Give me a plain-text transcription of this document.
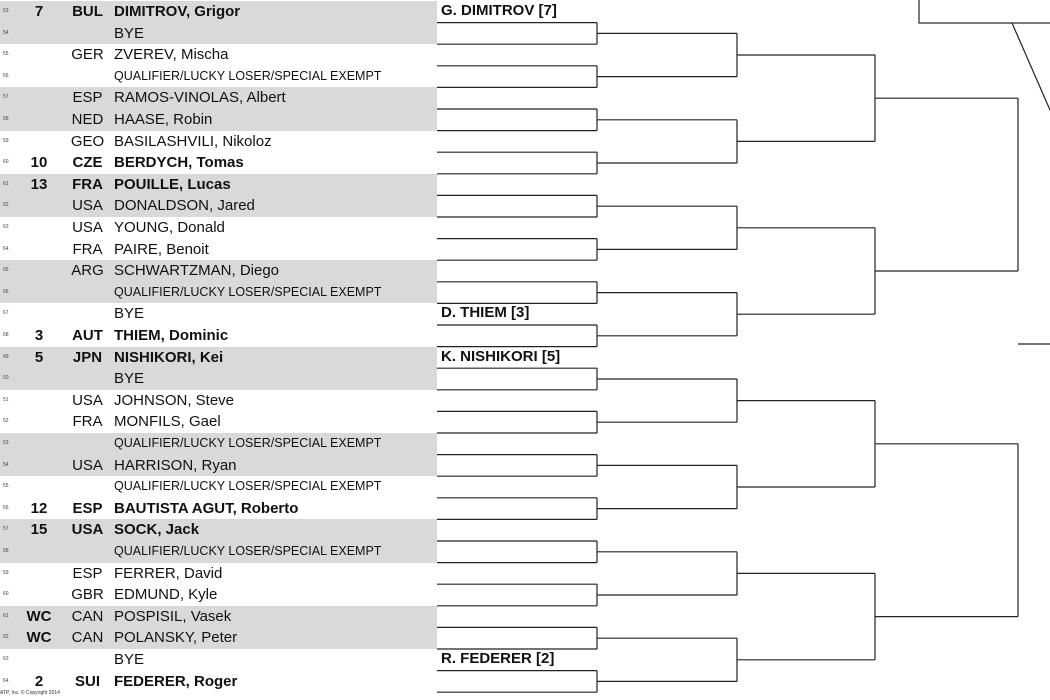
53	7	BUL DIMITROV, Grigor
54	BYE
55	GER ZVEREV, Mischa
56	QUALIFIER/LUCKY LOSER/SPECIAL EXEMPT
57	ESP RAMOS-VINOLAS, Albert
58	NED HAASE, Robin
59	GEO BASILASHVILI, Nikoloz
60	10	CZE BERDYCH, Tomas
61	13	FRA POUILLE, Lucas
62	USA DONALDSON, Jared
63	USA YOUNG, Donald
64	FRA PAIRE, Benoit
65	ARG SCHWARTZMAN, Diego
66	QUALIFIER/LUCKY LOSER/SPECIAL EXEMPT
67	BYE
68	3	AUT THIEM, Dominic
49	5	JPN NISHIKORI, Kei
50	BYE
51	USA JOHNSON, Steve
52	FRA MONFILS, Gael
53	QUALIFIER/LUCKY LOSER/SPECIAL EXEMPT
54	USA HARRISON, Ryan
55	QUALIFIER/LUCKY LOSER/SPECIAL EXEMPT
56	12	ESP BAUTISTA AGUT, Roberto
57	15	USA SOCK, Jack
58	QUALIFIER/LUCKY LOSER/SPECIAL EXEMPT
59	ESP FERRER, David
60	GBR EDMUND, Kyle
61	WC	CAN POSPISIL, Vasek
62	WC	CAN POLANSKY, Peter
63	BYE
64	2	SUI FEDERER, Roger
G. DIMITROV [7]
D. THIEM [3]
K. NISHIKORI [5]
R. FEDERER [2]
ATP, Inc. © Copyright 2014
